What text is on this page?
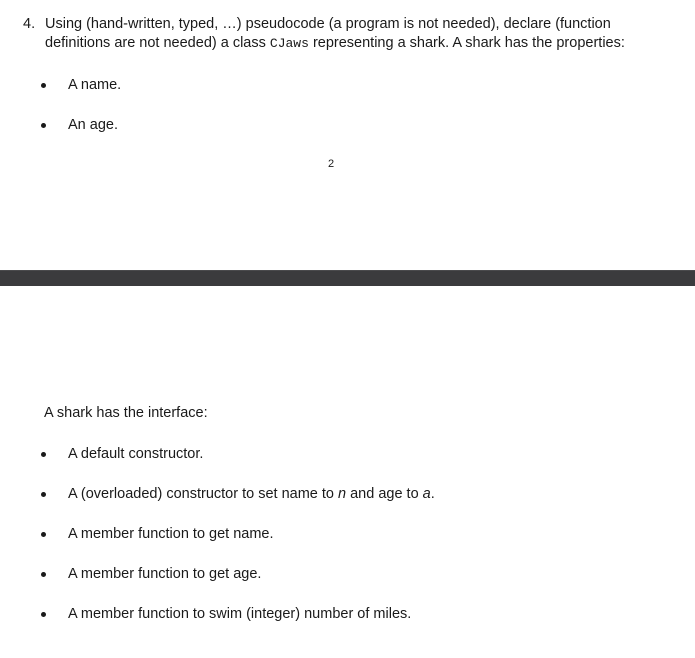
4. Using (hand-written, typed, …) pseudocode (a program is not needed), declare (function definitions are not needed) a class CJaws representing a shark. A shark has the properties:
A name.
An age.
2
A shark has the interface:
A default constructor.
A (overloaded) constructor to set name to n and age to a.
A member function to get name.
A member function to get age.
A member function to swim (integer) number of miles.
